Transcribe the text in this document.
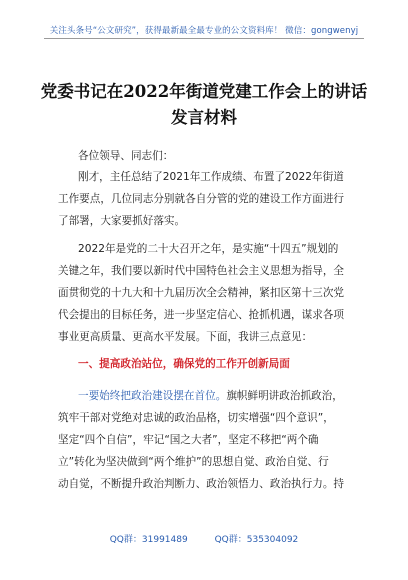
关注头条号“公文研究”，获得最新最全最专业的公文资料库！ 微信：gongwenyj
党委书记在2022年街道党建工作会上的讲话
发言材料
各位领导、同志们：
刚才，主任总结了2021年工作成绩、布置了2022年街道
工作要点，几位同志分别就各自分管的党的建设工作方面进行
了部署，大家要抓好落实。
2022年是党的二十大召开之年，是实施“十四五”规划的
关键之年，我们要以新时代中国特色社会主义思想为指导，全
面贯彻党的十九大和十九届历次全会精神，紧扣区第十三次党
代会提出的目标任务，进一步坚定信心、抢抓机遇，谋求各项
一、提高政治站位，确保党的工作开创新局面
一要始终把政治建设摆在首位。旗帜鲜明讲政治抓政治，
筑牢干部对党绝对忠诚的政治品格，切实增强“四个意识”，
坚定“四个自信”，牢记“国之大者”，坚定不移把“两个确
立”转化为坚决做到“两个维护”的思想自觉、政治自觉、行
动自觉，不断提升政治判断力、政治领悟力、政治执行力。持
事业更高质量、更高水平发展。下面，我讲三点意见：
QQ群：31991489	QQ群：535304092
